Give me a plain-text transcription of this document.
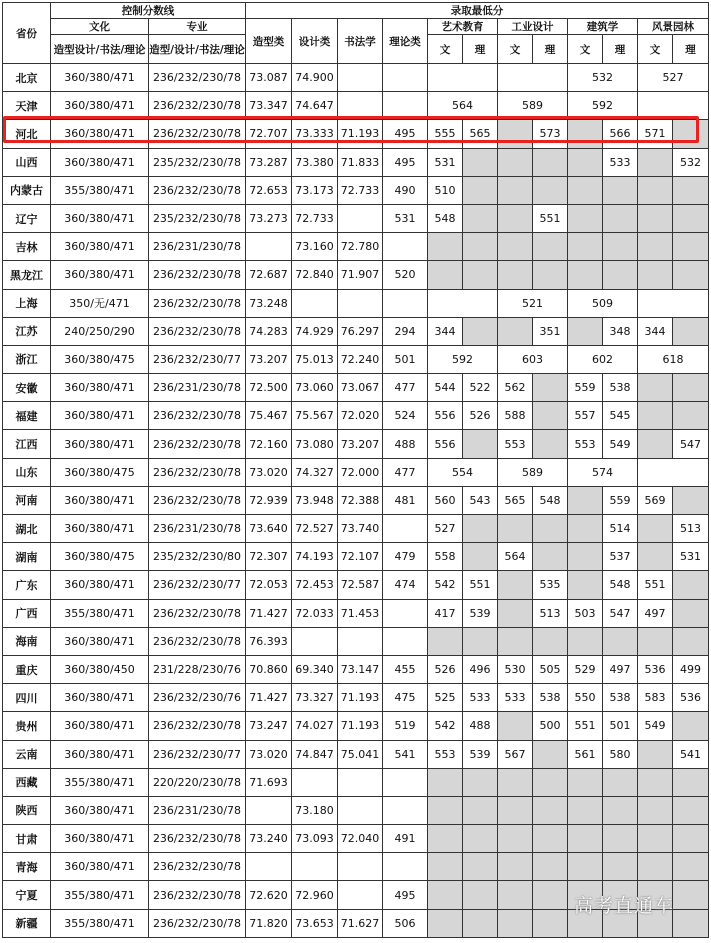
省份	控制分数线		录取最低分											
	文化	专业	造型类	设计类	书法学	理论类	艺术教育		工业设计		建筑学		风景园林	
	造型设计/书法/理论	造型/设计/书法/理论					文	理	文	理	文	理	文	理
北京	360/380/471	236/232/230/78	73.087	74.900							532		527	
天津	360/380/471	236/232/230/78	73.347	74.647			564		589		592			
河北	360/380/471	236/232/230/78	72.707	73.333	71.193	495	555	565		573		566	571	
山西	360/380/471	235/232/230/78	73.287	73.380	71.833	495	531					533		532
内蒙古	355/380/471	236/232/230/78	72.653	73.173	72.733	490	510							
辽宁	360/380/471	235/232/230/78	73.273	72.733		531	548			551				
吉林	360/380/471	236/231/230/78		73.160	72.780									
黑龙江	360/380/471	236/232/230/78	72.687	72.840	71.907	520								
上海	350/无/471	236/232/230/78	73.248						521		509			
江苏	240/250/290	236/232/230/78	74.283	74.929	76.297	294	344			351		348	344	
浙江	360/380/475	236/232/230/77	73.207	75.013	72.240	501	592		603		602		618	
安徽	360/380/471	236/231/230/78	72.500	73.060	73.067	477	544	522	562		559	538		
福建	360/380/471	236/232/230/78	75.467	75.567	72.020	524	556	526	588		557	545		
江西	360/380/471	236/232/230/78	72.160	73.080	73.207	488	556		553		553	549		547
山东	360/380/475	236/232/230/78	73.020	74.327	72.000	477	554		589		574			
河南	360/380/471	236/232/230/78	72.939	73.948	72.388	481	560	543	565	548		559	569	
湖北	360/380/471	236/231/230/78	73.640	72.527	73.740		527					514		513
湖南	360/380/475	235/232/230/80	72.307	74.193	72.107	479	558		564			537		531
广东	360/380/471	236/232/230/77	72.053	72.453	72.587	474	542	551		535		548	551	
广西	355/380/471	236/232/230/78	71.427	72.033	71.453		417	539		513	503	547	497	
海南	360/380/471	236/232/230/78	76.393											
重庆	360/380/450	231/228/230/76	70.860	69.340	73.147	455	526	496	530	505	529	497	536	499
四川	360/380/471	236/232/230/76	71.427	73.327	71.193	475	525	533	533	538	550	538	583	536
贵州	360/380/471	236/232/230/78	73.247	74.027	71.193	519	542	488		500	551	501	549	
云南	360/380/471	236/232/230/77	73.020	74.847	75.041	541	553	539	567		561	580		541
西藏	355/380/471	220/220/230/78	71.693											
陕西	360/380/471	236/231/230/78		73.180										
甘肃	360/380/471	236/232/230/78	73.240	73.093	72.040	491								
青海	360/380/471	236/232/230/78												
宁夏	355/380/471	236/232/230/78	72.620	72.960		495								
新疆	355/380/471	236/232/230/78	71.820	73.653	71.627	506								
高考直通车
